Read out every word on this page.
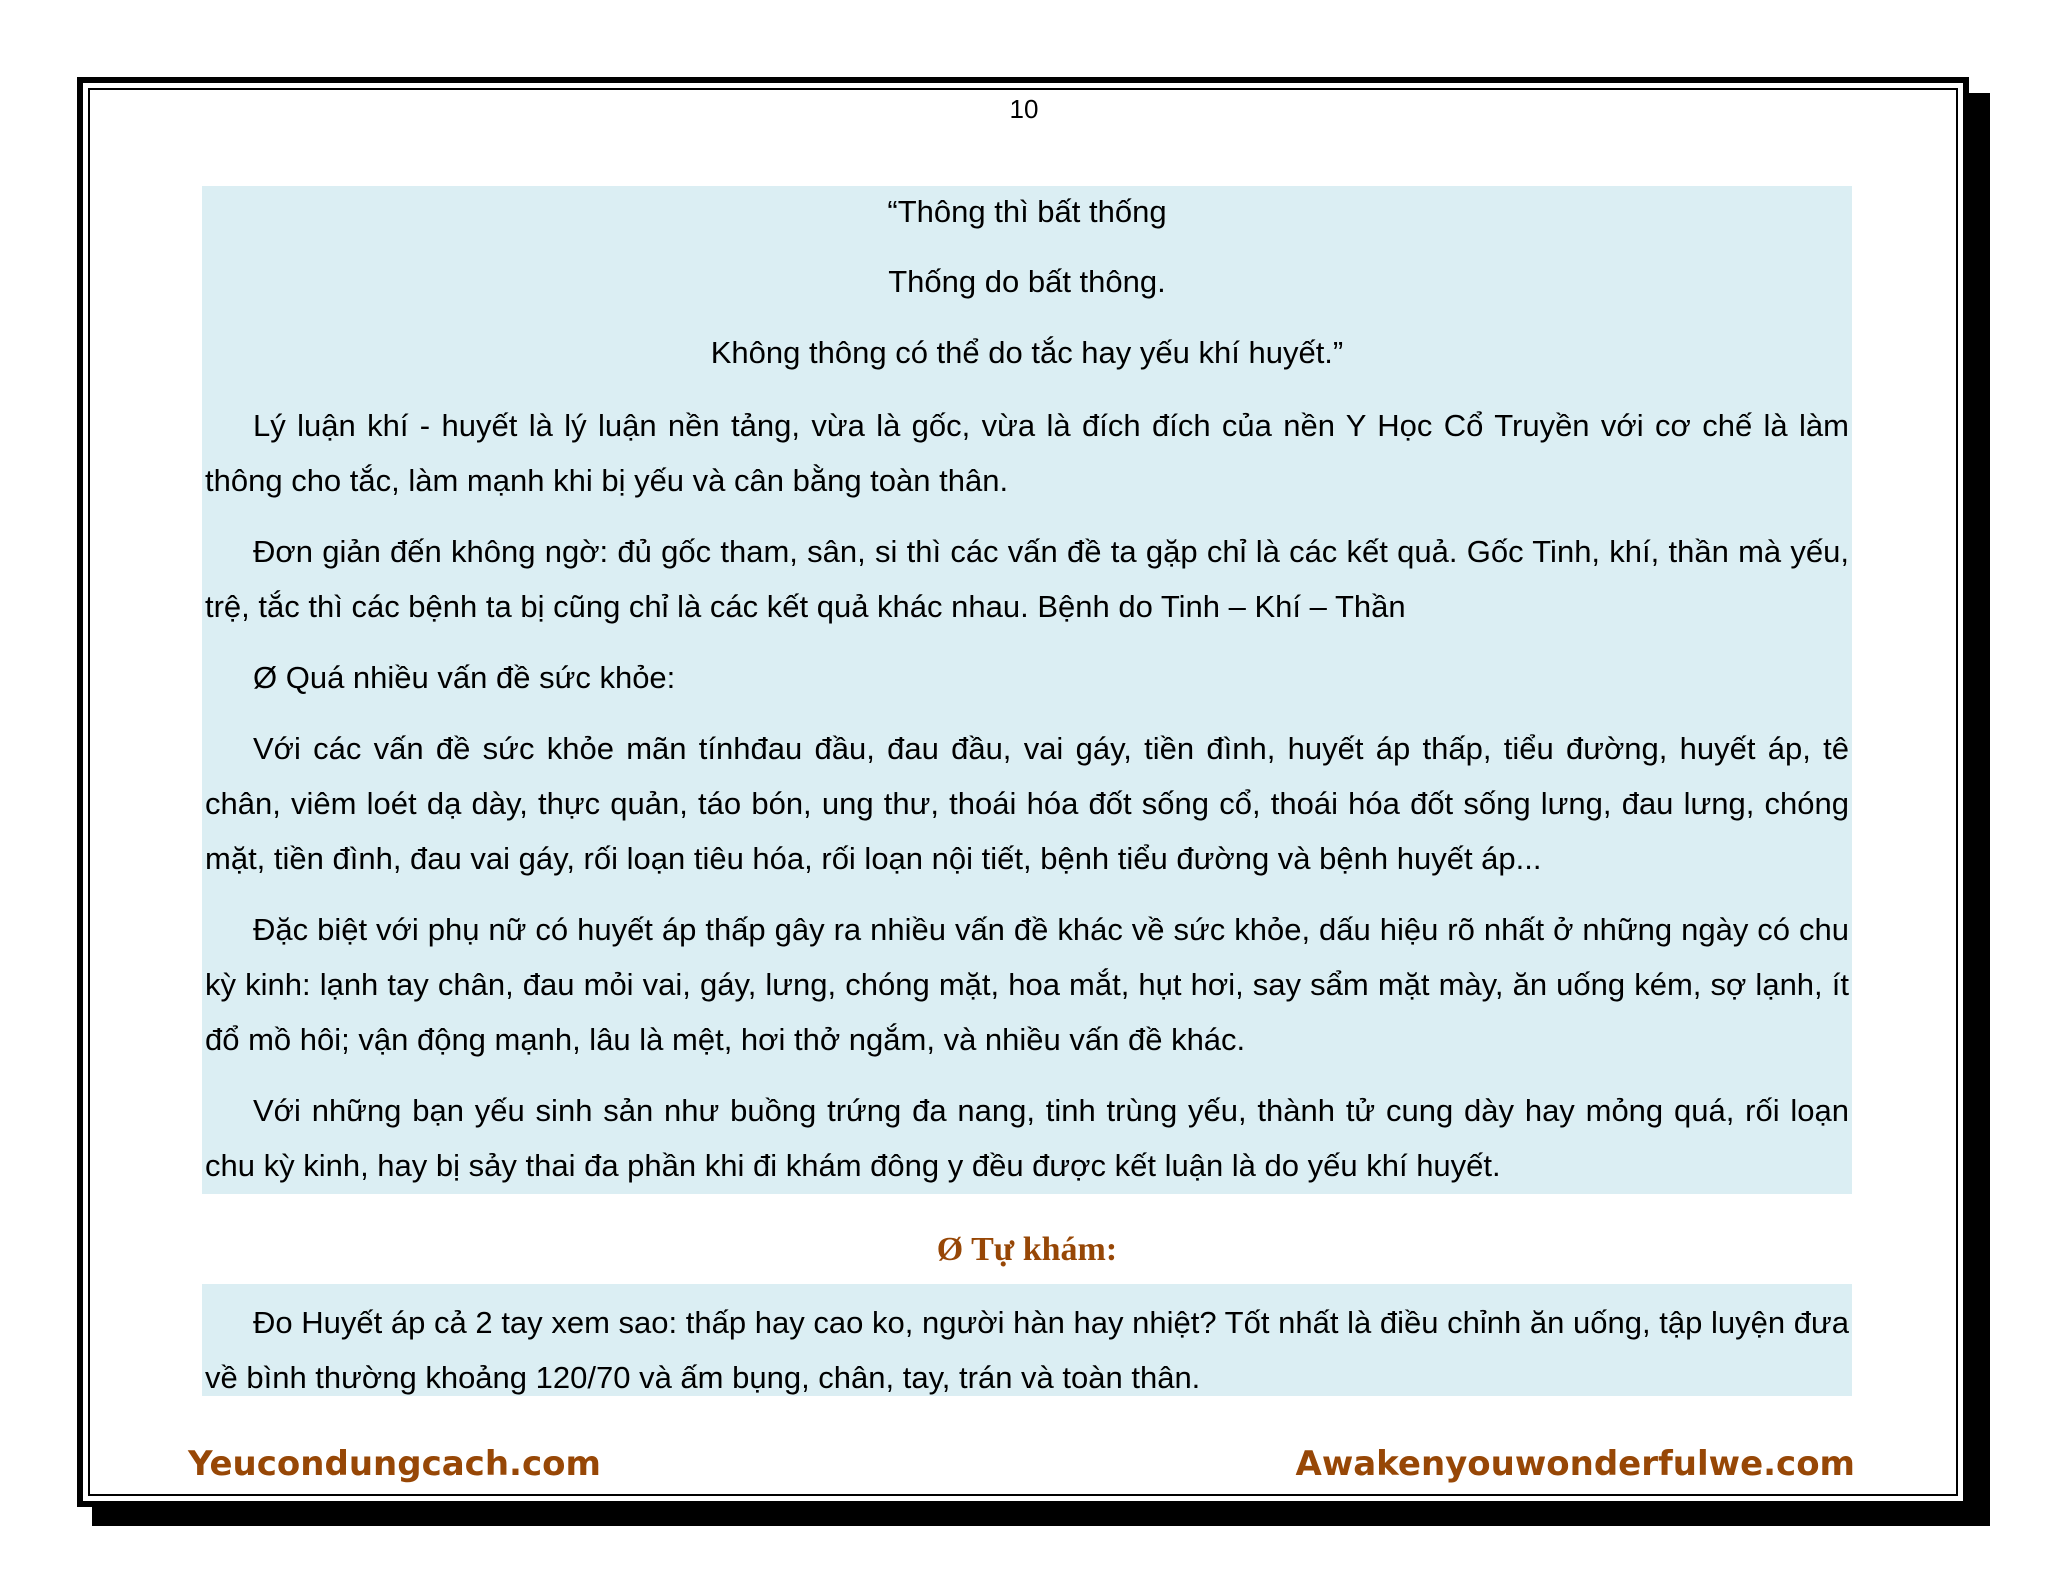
10
“Thông thì bất thống
Thống do bất thông.
Không thông có thể do tắc hay yếu khí huyết.”

Lý luận khí - huyết là lý luận nền tảng, vừa là gốc, vừa là đích đích của nền Y Học Cổ Truyền với cơ chế là làm thông cho tắc, làm mạnh khi bị yếu và cân bằng toàn thân.

Đơn giản đến không ngờ: đủ gốc tham, sân, si thì các vấn đề ta gặp chỉ là các kết quả. Gốc Tinh, khí, thần mà yếu, trệ, tắc thì các bệnh ta bị cũng chỉ là các kết quả khác nhau. Bệnh do Tinh – Khí – Thần

Ø Quá nhiều vấn đề sức khỏe:

Với các vấn đề sức khỏe mãn tínhđau đầu, đau đầu, vai gáy, tiền đình, huyết áp thấp, tiểu đường, huyết áp, tê chân, viêm loét dạ dày, thực quản, táo bón, ung thư, thoái hóa đốt sống cổ, thoái hóa đốt sống lưng, đau lưng, chóng mặt, tiền đình, đau vai gáy, rối loạn tiêu hóa, rối loạn nội tiết, bệnh tiểu đường và bệnh huyết áp...

Đặc biệt với phụ nữ có huyết áp thấp gây ra nhiều vấn đề khác về sức khỏe, dấu hiệu rõ nhất ở những ngày có chu kỳ kinh: lạnh tay chân, đau mỏi vai, gáy, lưng, chóng mặt, hoa mắt, hụt hơi, say sẩm mặt mày, ăn uống kém, sợ lạnh, ít đổ mồ hôi; vận động mạnh, lâu là mệt, hơi thở ngắm, và nhiều vấn đề khác.

Với những bạn yếu sinh sản như buồng trứng đa nang, tinh trùng yếu, thành tử cung dày hay mỏng quá, rối loạn chu kỳ kinh, hay bị sảy thai đa phần khi đi khám đông y đều được kết luận là do yếu khí huyết.

Ø Tự khám:

Đo Huyết áp cả 2 tay xem sao: thấp hay cao ko, người hàn hay nhiệt? Tốt nhất là điều chỉnh ăn uống, tập luyện đưa về bình thường khoảng 120/70 và ấm bụng, chân, tay, trán và toàn thân.

Yeucondungcach.com	Awakenyouwonderfulwe.com
